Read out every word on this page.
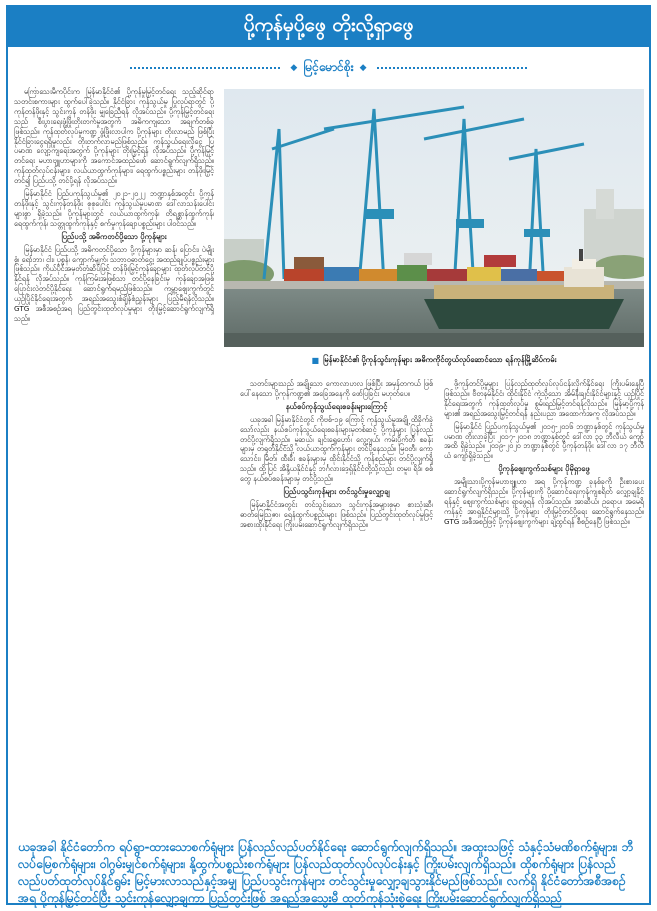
ပို့ကုန်မှပို့ဖွေ တိုးလို့ရှာဖွေ
◆ မြင့်မောင်စိုး ◆

မကြာသေးမီကပိုင်းက မြန်မာနိုင်ငံ၏ ပို့ကုန်မှုမြှင့်တင်ရေး သည့်ဆိုင်ရာ သတင်းစကားများ ထွက်ပေါ်ခဲ့သည်။ နိုင်ငံခြား ကုန်သွယ်မှု ပြုလုပ်ရာတွင် ပို့ကုန်တန်ဖိုးနှင့် သွင်းကုန် တန်ဖိုး မျှခြေညီရန် လိုအပ်သည်။ ပို့ကုန်မြှင့်တင်ရေးသည် စီးပွားရေးဖွံ့ဖြိုးတိုးတက်မှုအတွက် အဓိကကျသော အချက်တစ်ခု ဖြစ်သည်။ ကုန်ထုတ်လုပ်မှုကဏ္ဍ ဖွံ့ဖြိုးလာပါက ပို့ကုန်များ တိုးလာမည် ဖြစ်ပြီး နိုင်ငံခြားငွေရရှိမှုလည်း တိုးတက်လာမည်ဖြစ်သည်။ ကုန်သွယ်ရေးလိုငွေ ပြပမာဏ လျော့ကျရေးအတွက် ပို့ကုန်များ တိုးမြှင့်ရန် လိုအပ်သည်။ ပို့ကုန်မြှင့်တင်ရေး မဟာဗျူဟာများကို အကောင်အထည်ဖော် ဆောင်ရွက်လျက်ရှိသည်။ ကုန်ထုတ်လုပ်ငန်းများ၊ လယ်ယာထွက်ကုန်များ၊ ရေထွက်ပစ္စည်းများ တန်ဖိုးမြှင့်တင်၍ ပြည်ပသို့ တင်ပို့ရန် လိုအပ်သည်။

မြန်မာနိုင်ငံ ပြည်ပကုန်သွယ်မှု၏ ၂၀၂၁-၂၀၂၂ ဘဏ္ဍာနှစ်အတွင်း ပို့ကုန်တန်ဖိုးနှင့် သွင်းကုန်တန်ဖိုး စုစုပေါင်း ကုန်သွယ်မှုပမာဏ ဒေါ်လာသန်းပေါင်းများစွာ ရှိခဲ့သည်။ ပို့ကုန်များတွင် လယ်ယာထွက်ကုန်၊ တိရစ္ဆာန်ထွက်ကုန်၊ ရေထွက်ကုန်၊ သတ္တုထွက်ကုန်နှင့် စက်မှုကုန်ချောပစ္စည်းများ ပါဝင်သည်။

ပြည်ပသို့ အဓိကတင်ပို့သော ပို့ကုန်များ

မြန်မာနိုင်ငံ ပြည်ပသို့ အဓိကတင်ပို့သော ပို့ကုန်များမှာ ဆန်၊ ပြောင်း၊ ပဲမျိုးစုံ၊ ရော်ဘာ၊ ငါး၊ ပုစွန်၊ ကျောက်မျက်၊ သဘာဝဓာတ်ငွေ့၊ အထည်ချုပ်ပစ္စည်းများ ဖြစ်သည်။ ကိုယ်ပိုင်အမှတ်တံဆိပ်ဖြင့် တန်ဖိုးမြှင့်ကုန်ချောများ ထုတ်လုပ်တင်ပို့နိုင်ရန် လိုအပ်သည်။ ကုန်ကြမ်းအဖြစ်သာ တင်ပို့နေခြင်းမှ ကုန်ချောအဖြစ် ပြောင်းလဲတင်ပို့နိုင်ရေး ဆောင်ရွက်ရမည်ဖြစ်သည်။ ကမ္ဘာ့စျေးကွက်တွင် ယှဉ်ပြိုင်နိုင်ရေးအတွက် အရည်အသွေးစံချိန်စံညွှန်းများ ပြည့်မီရန်လိုသည်။ GTG အစီအစဉ်အရ ပြည်တွင်းထုတ်လုပ်မှုများ တိုးမြှင့်ဆောင်ရွက်လျက်ရှိသည်။

■ မြန်မာနိုင်ငံ၏ ပို့ကုန်သွင်းကုန်များ အဓိကကိုင်တွယ်လုပ်ဆောင်သော ရန်ကုန်မြို့ဆိပ်ကမ်း

သတင်းများသည် အချို့သော ကောလာဟလ ဖြစ်ပြီး အမှန်တကယ် ဖြစ်ပေါ်နေသော ပို့ကုန်ကဏ္ဍ၏ အခြေအနေကို ဖော်ပြခြင်း မဟုတ်ပေ။

နယ်စပ်ကုန်သွယ်ရေးစခန်းများကြောင့်

ယခုအခါ မြန်မာနိုင်ငံတွင် ကိုဗစ်-၁၉ ကြောင့် ကုန်သွယ်မှုအချို့ ထိခိုက်ခဲ့သော်လည်း နယ်စပ်ကုန်သွယ်ရေးစခန်းများမှတစ်ဆင့် ပို့ကုန်များ ပြန်လည်တင်ပို့လျက်ရှိသည်။ မူဆယ်၊ ချင်းရွှေဟော်၊ လွေ့ဂျယ်၊ ကမ်းပိုက်တီ စခန်းများမှ တရုတ်နိုင်ငံသို့ လယ်ယာထွက်ကုန်များ တင်ပို့နေသည်။ မြဝတီ၊ ကော့သောင်း၊ မြိတ်၊ ထီးခီး စခန်းများမှ ထိုင်းနိုင်ငံသို့ ကုန်စည်များ တင်ပို့လျက်ရှိသည်။ ထို့ပြင် အိန္ဒိယနိုင်ငံနှင့် ဘင်္ဂလားဒေ့ရှ်နိုင်ငံတို့သို့လည်း တမူး၊ ရိဒ်၊ စစ်တွေ နယ်စပ်စခန်းများမှ တင်ပို့သည်။

ပြည်ပသွင်းကုန်များ တင်သွင်းမှုလျှော့ချ

မြန်မာနိုင်ငံအတွင်း တင်သွင်းသော သွင်းကုန်အများစုမှာ စားသုံးဆီ၊ ဓာတ်မြေဩဇာ၊ ရေနံထွက်ပစ္စည်းများ ဖြစ်သည်။ ပြည်တွင်းထုတ်လုပ်မှုဖြင့် အစားထိုးနိုင်ရေး ကြိုးပမ်းဆောင်ရွက်လျက်ရှိသည်။

ဖို့ကုန်တင်ပို့မှုများ ပြန်လည်ထုတ်လုပ်လုပ်ငန်းလိုက်နိုင်ရေး ကြိုးပမ်းနေပြီ ဖြစ်သည်။ ဗီတနမ်နိုင်ငံ၊ ထိုင်းနိုင်ငံ ကဲ့သို့သော အိမ်နီးချင်းနိုင်ငံများနှင့် ယှဉ်ပြိုင်နိုင်ရေးအတွက် ကုန်ထုတ်လုပ်မှု စွမ်းရည်မြှင့်တင်ရန်လိုသည်။ မြန်မာ့ပို့ကုန်များ၏ အရည်အသွေးမြှင့်တင်ရန် နည်းပညာ အထောက်အကူ လိုအပ်သည်။

မြန်မာနိုင်ငံ ပြည်ပကုန်သွယ်မှု၏ ၂၀၁၅-၂၀၁၆ ဘဏ္ဍာနှစ်တွင် ကုန်သွယ်မှုပမာဏ တိုးလာခဲ့ပြီး ၂၀၁၇-၂၀၁၈ ဘဏ္ဍာနှစ်တွင် ဒေါ်လာ ၃၃ ဘီလီယံ ကျော်အထိ ရှိခဲ့သည်။ ၂၀၁၉-၂၀၂၀ ဘဏ္ဍာနှစ်တွင် ပို့ကုန်တန်ဖိုး ဒေါ်လာ ၁၇ ဘီလီယံ ကျော်ရှိခဲ့သည်။

ပို့ကုန်စျေးကွက်သစ်များ ပိုမိုရှာဖွေ

အမျိုးသားပို့ကုန်မဟာဗျူဟာ အရ ပို့ကုန်ကဏ္ဍ ခုနစ်ခုကို ဦးစားပေးဆောင်ရွက်လျက်ရှိသည်။ ပို့ကုန်များကို ပို့ဆောင်ရေးကုန်ကျစရိတ် လျှော့ချနိုင်ရန်နှင့် စျေးကွက်သစ်များ ရှာဖွေရန် လိုအပ်သည်။ အာဆီယံ၊ ဥရောပ၊ အမေရိကန်နှင့် အာရှနိုင်ငံများသို့ ပို့ကုန်များ တိုးမြှင့်တင်ပို့ရေး ဆောင်ရွက်နေသည်။ GTG အစီအစဉ်ဖြင့် ပို့ကုန်စျေးကွက်များ ချဲ့ထွင်ရန် စီစဉ်နေပြီ ဖြစ်သည်။

ယခုအခါ နိုင်ငံတော်က ရပ်ရွာ-ထားသောစက်ရုံများ ပြန်လည်လည်ပတ်နိုင်ရေး ဆောင်ရွက်လျက်ရှိသည်။ အထူးသဖြင့် သံနှင့်သံမဏိစက်ရုံများ၊ ဘီလပ်မြေစက်ရုံများ၊ ဝါဂွမ်းမျှင်စက်ရုံများ၊ နို့ထွက်ပစ္စည်းစက်ရုံများ ပြန်လည်ထုတ်လုပ်လုပ်ငန်းနှင့် ကြိုးပမ်းလျက်ရှိသည်။ ထိုစက်ရုံများ ပြန်လည်လည်ပတ်ထုတ်လုပ်နိုင်ရွမ်း မြင့်မားလာသည်နှင့်အမျှ ပြည်ပသွင်းကုန်များ တင်သွင်းမှုလျှော့ချသွားနိုင်မည်ဖြစ်သည်။ လက်ရှိ နိုင်ငံတော်အစီအစဉ်အရ ပို့ကုန်မြှင့်တင်ပြီး သွင်းကုန်လျှော့ချကာ ပြည်တွင်းဖြစ် အရည်အသွေးမီ ထုတ်ကုန်သုံးစွဲရေး ကြိုးပမ်းဆောင်ရွက်လျက်ရှိသည်
